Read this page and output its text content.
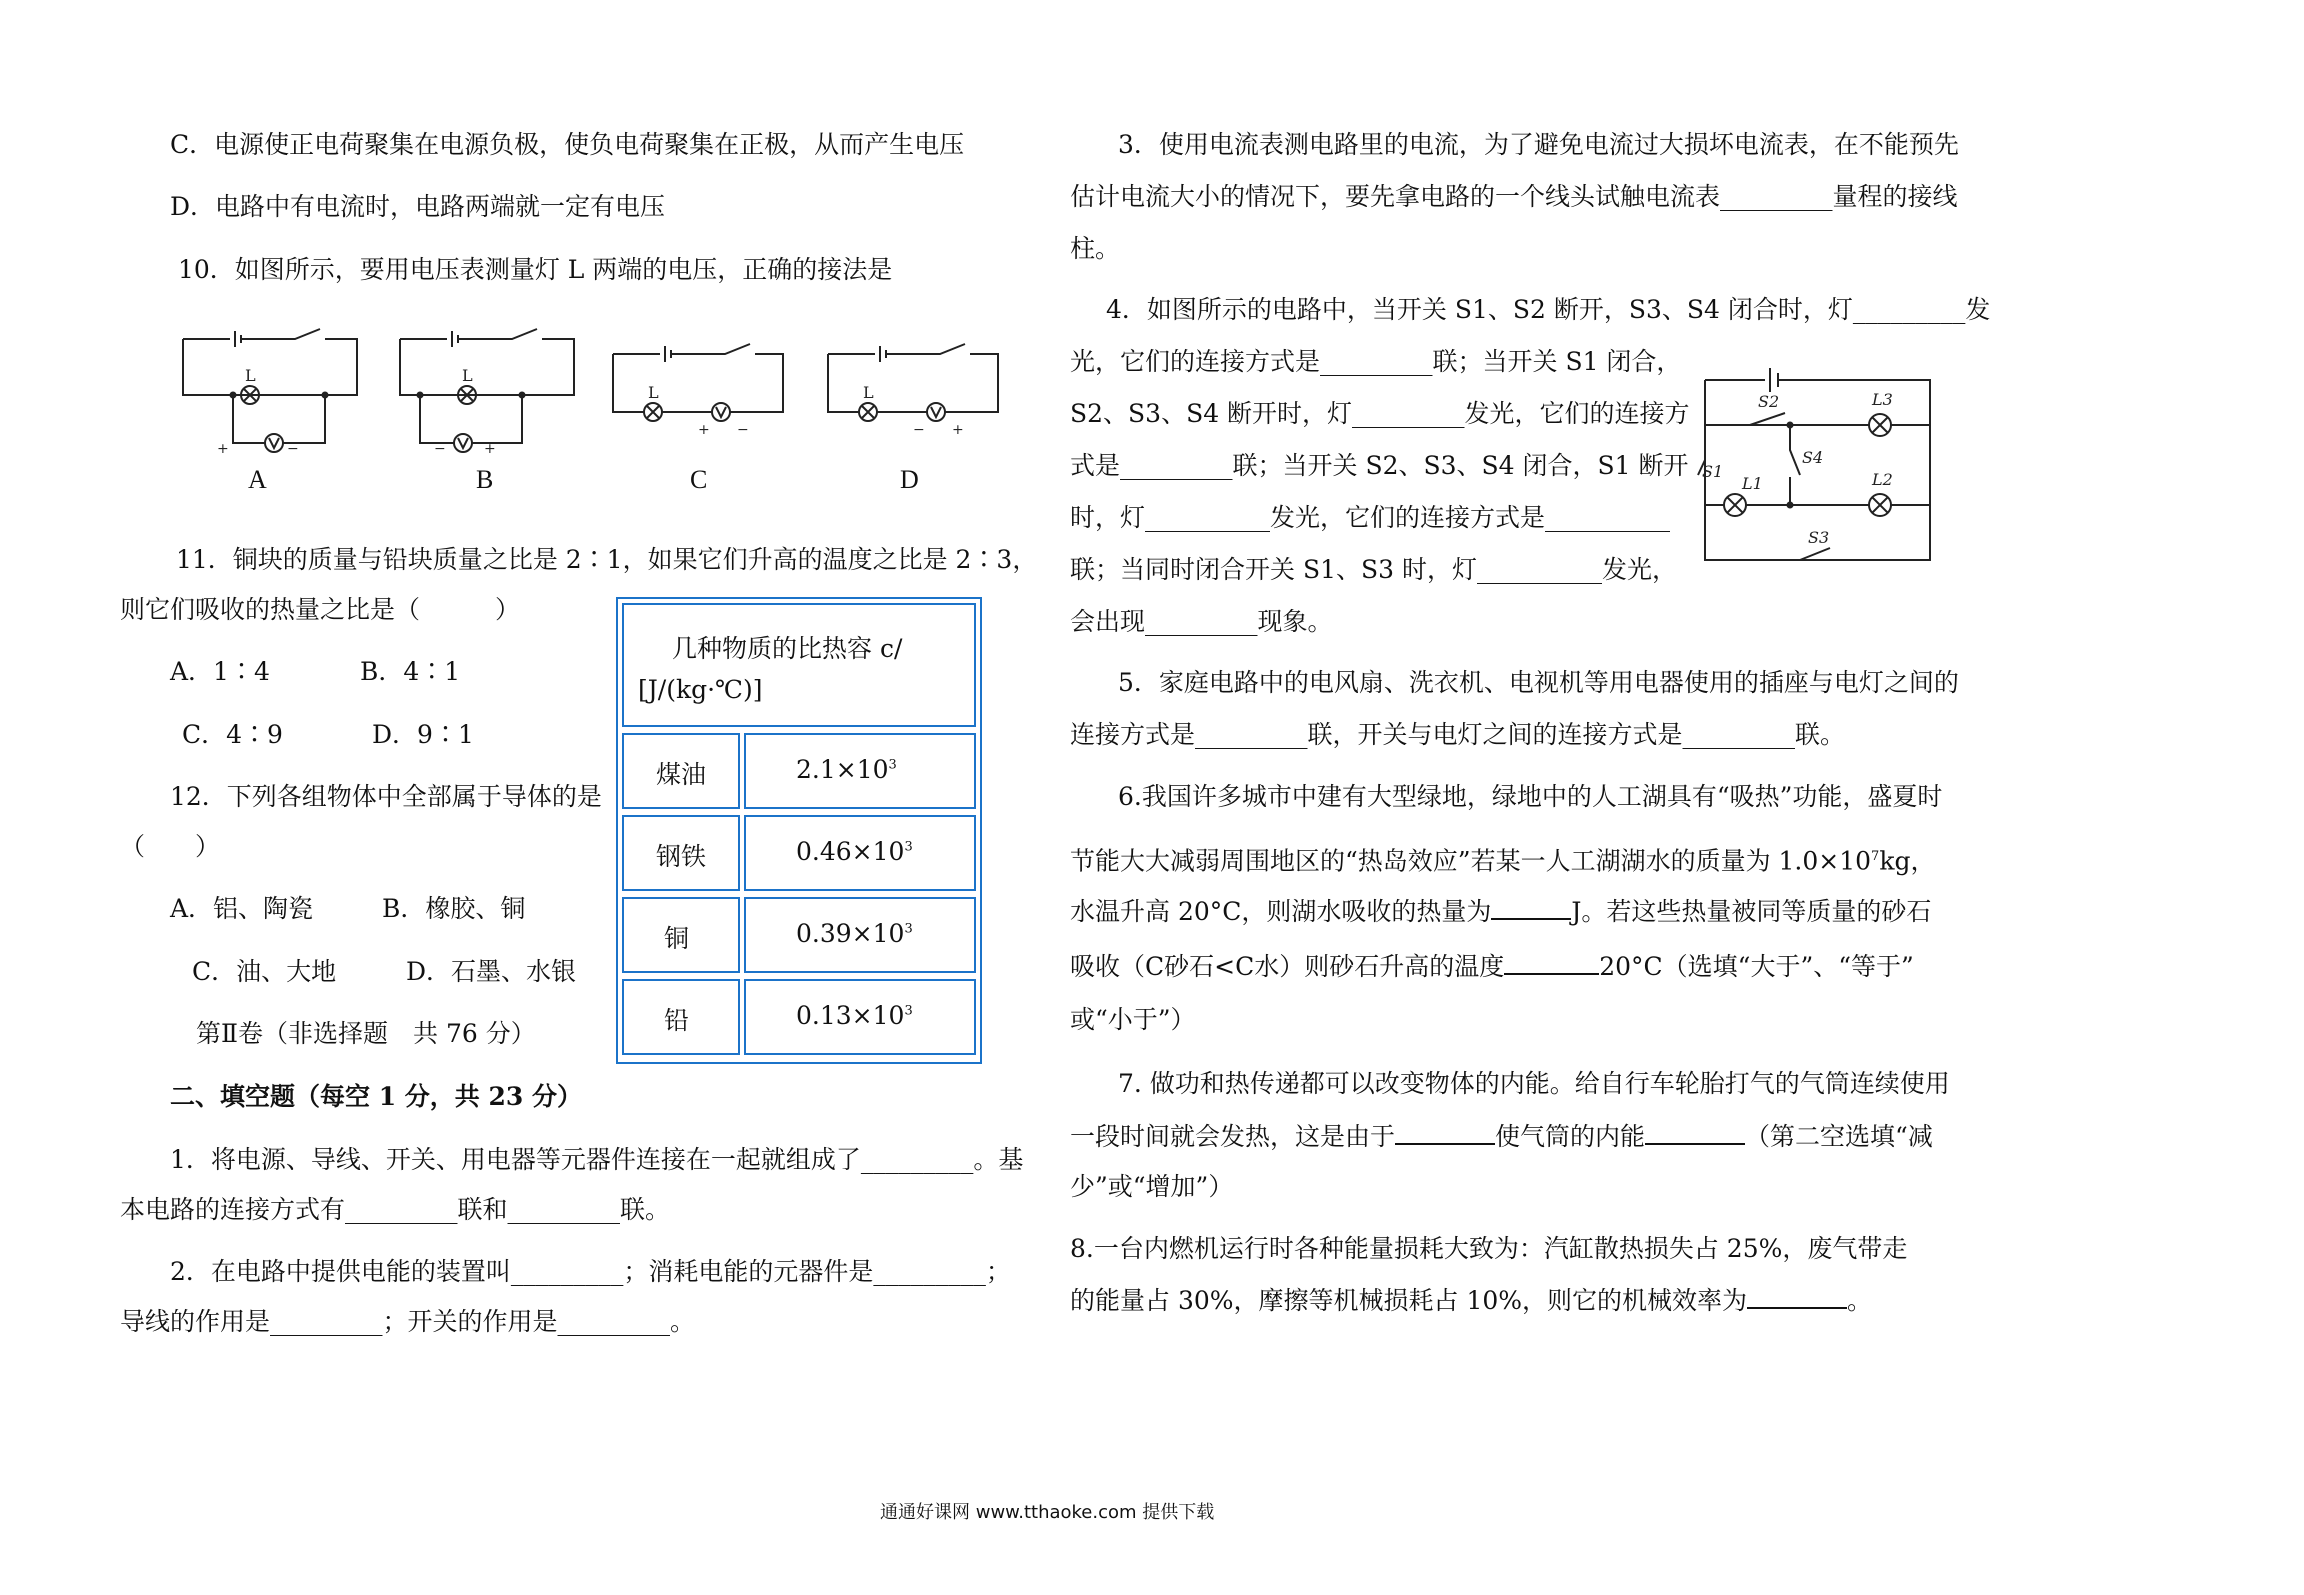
C．电源使正电荷聚集在电源负极，使负电荷聚集在正极，从而产生电压
D．电路中有电流时，电路两端就一定有电压
10．如图所示，要用电压表测量灯 L 两端的电压，正确的接法是
L
+	−
L
−	+
L
+ −
L
− +
A	B	C	D
11．铜块的质量与铅块质量之比是 2∶1，如果它们升高的温度之比是 2∶3，
则它们吸收的热量之比是（　　　）
A．1∶4	B．4∶1
C．4∶9	D．9∶1
12．下列各组物体中全部属于导体的是
（　　）
A．铝、陶瓷	B．橡胶、铜
C．油、大地	D．石墨、水银
第Ⅱ卷（非选择题　共 76 分）
二、填空题（每空 1 分，共 23 分）
1．将电源、导线、开关、用电器等元器件连接在一起就组成了_________。基
本电路的连接方式有_________联和_________联。
2．在电路中提供电能的装置叫_________；消耗电能的元器件是_________；
导线的作用是_________；开关的作用是_________。
几种物质的比热容 c/
[J/(kg·℃)]
煤油	$2.1\times 10^3$
钢铁	$0.46\times 10^3$
铜	$0.39\times 10^3$
铅	$0.13\times 10^3$
3．使用电流表测电路里的电流，为了避免电流过大损坏电流表，在不能预先
估计电流大小的情况下，要先拿电路的一个线头试触电流表_________量程的接线
柱。
4．如图所示的电路中，当开关 S1、S2 断开，S3、S4 闭合时，灯_________发
光，它们的连接方式是_________联；当开关 S1 闭合，
S2、S3、S4 断开时，灯_________发光，它们的连接方
式是_________联；当开关 S2、S3、S4 闭合，S1 断开
时，灯__________发光，它们的连接方式是__________
联；当同时闭合开关 S1、S3 时，灯__________发光，
会出现_________现象。
S2	L3
S1
S4
L1	L2
S3
5．家庭电路中的电风扇、洗衣机、电视机等用电器使用的插座与电灯之间的
连接方式是_________联，开关与电灯之间的连接方式是_________联。
6.我国许多城市中建有大型绿地，绿地中的人工湖具有“吸热”功能，盛夏时
节能大大减弱周围地区的“热岛效应”若某一人工湖湖水的质量为 $1.0\times 10^7kg$，
水温升高 20°C，则湖水吸收的热量为	J。若这些热量被同等质量的砂石
吸收（C砂石<C水）则砂石升高的温度	20°C（选填“大于”、“等于”
或“小于”）
7. 做功和热传递都可以改变物体的内能。给自行车轮胎打气的气筒连续使用
一段时间就会发热，这是由于	使气筒的内能	（第二空选填“减
少”或“增加”）
8.一台内燃机运行时各种能量损耗大致为：汽缸散热损失占 25%，废气带走
的能量占 30%，摩擦等机械损耗占 10%，则它的机械效率为	。
通通好课网 www.tthaoke.com 提供下载
